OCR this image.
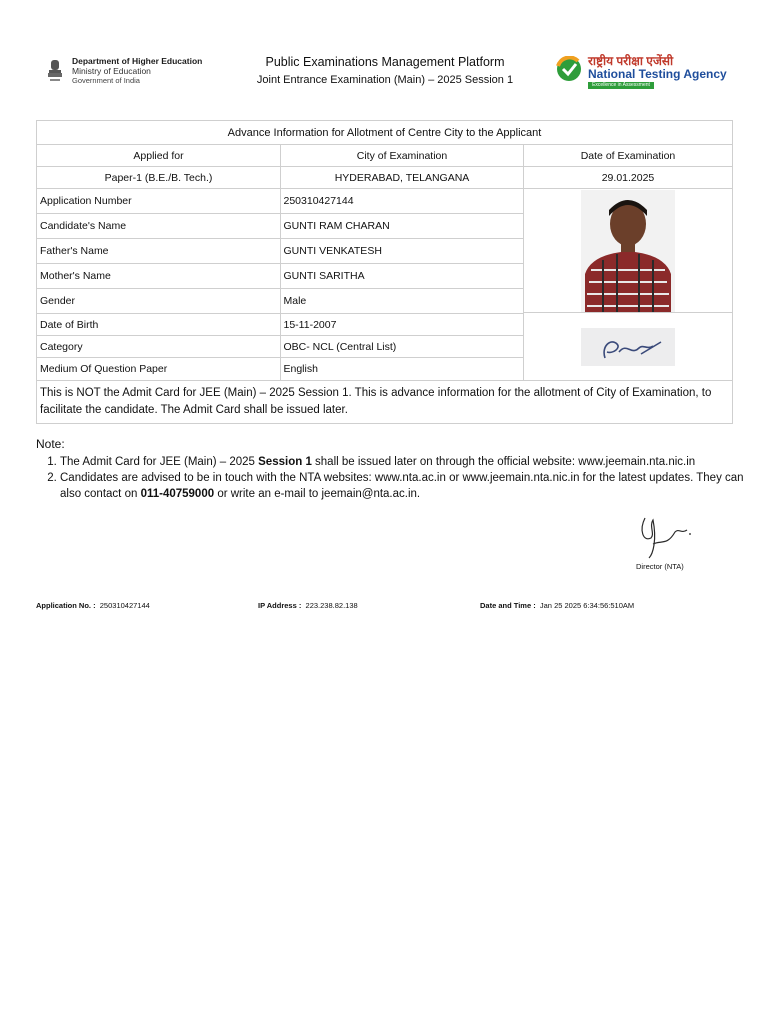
Department of Higher Education
Ministry of Education
Government of India
Public Examinations Management Platform
Joint Entrance Examination (Main) – 2025 Session 1
राष्ट्रीय परीक्षा एजेंसी
National Testing Agency
Excellence in Assessment
Advance Information for Allotment of Centre City to the Applicant
Applied for	City of Examination	Date of Examination
Paper-1 (B.E./B. Tech.)	HYDERABAD, TELANGANA	29.01.2025
Application Number	250310427144
Candidate's Name	GUNTI RAM CHARAN
Father's Name	GUNTI VENKATESH
Mother's Name	GUNTI SARITHA
Gender	Male
Date of Birth	15-11-2007
Category	OBC- NCL (Central List)
Medium Of Question Paper	English
This is NOT the Admit Card for JEE (Main) – 2025 Session 1. This is advance information for the allotment of City of Examination, to facilitate the candidate. The Admit Card shall be issued later.
Note:
1. The Admit Card for JEE (Main) – 2025 Session 1 shall be issued later on through the official website: www.jeemain.nta.nic.in
2. Candidates are advised to be in touch with the NTA websites: www.nta.ac.in or www.jeemain.nta.nic.in for the latest updates. They can also contact on 011-40759000 or write an e-mail to jeemain@nta.ac.in.
Director (NTA)
Application No. : 250310427144	IP Address : 223.238.82.138	Date and Time : Jan 25 2025 6:34:56:510AM
